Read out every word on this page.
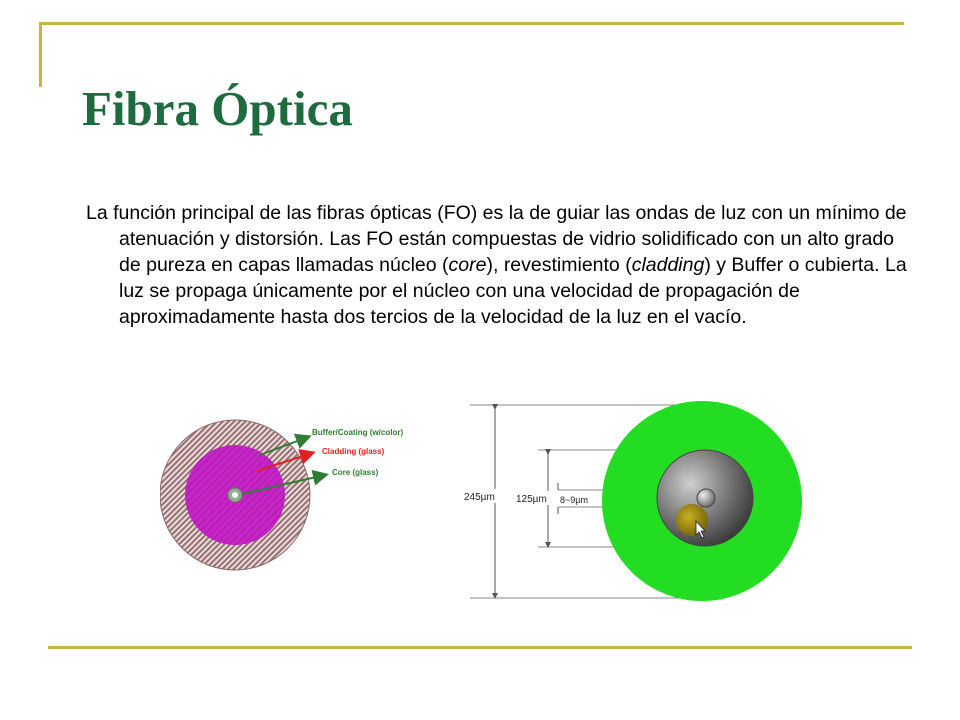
Fibra Óptica

La función principal de las fibras ópticas (FO) es la de guiar las ondas de luz con un mínimo de atenuación y distorsión. Las FO están compuestas de vidrio solidificado con un alto grado de pureza en capas llamadas núcleo (core), revestimiento (cladding) y Buffer o cubierta. La luz se propaga únicamente por el núcleo con una velocidad de propagación de aproximadamente hasta dos tercios de la velocidad de la luz en el vacío.

Buffer/Coating (w/color)
Cladding (glass)
Core (glass)
245µm 125µm 8~9µm
